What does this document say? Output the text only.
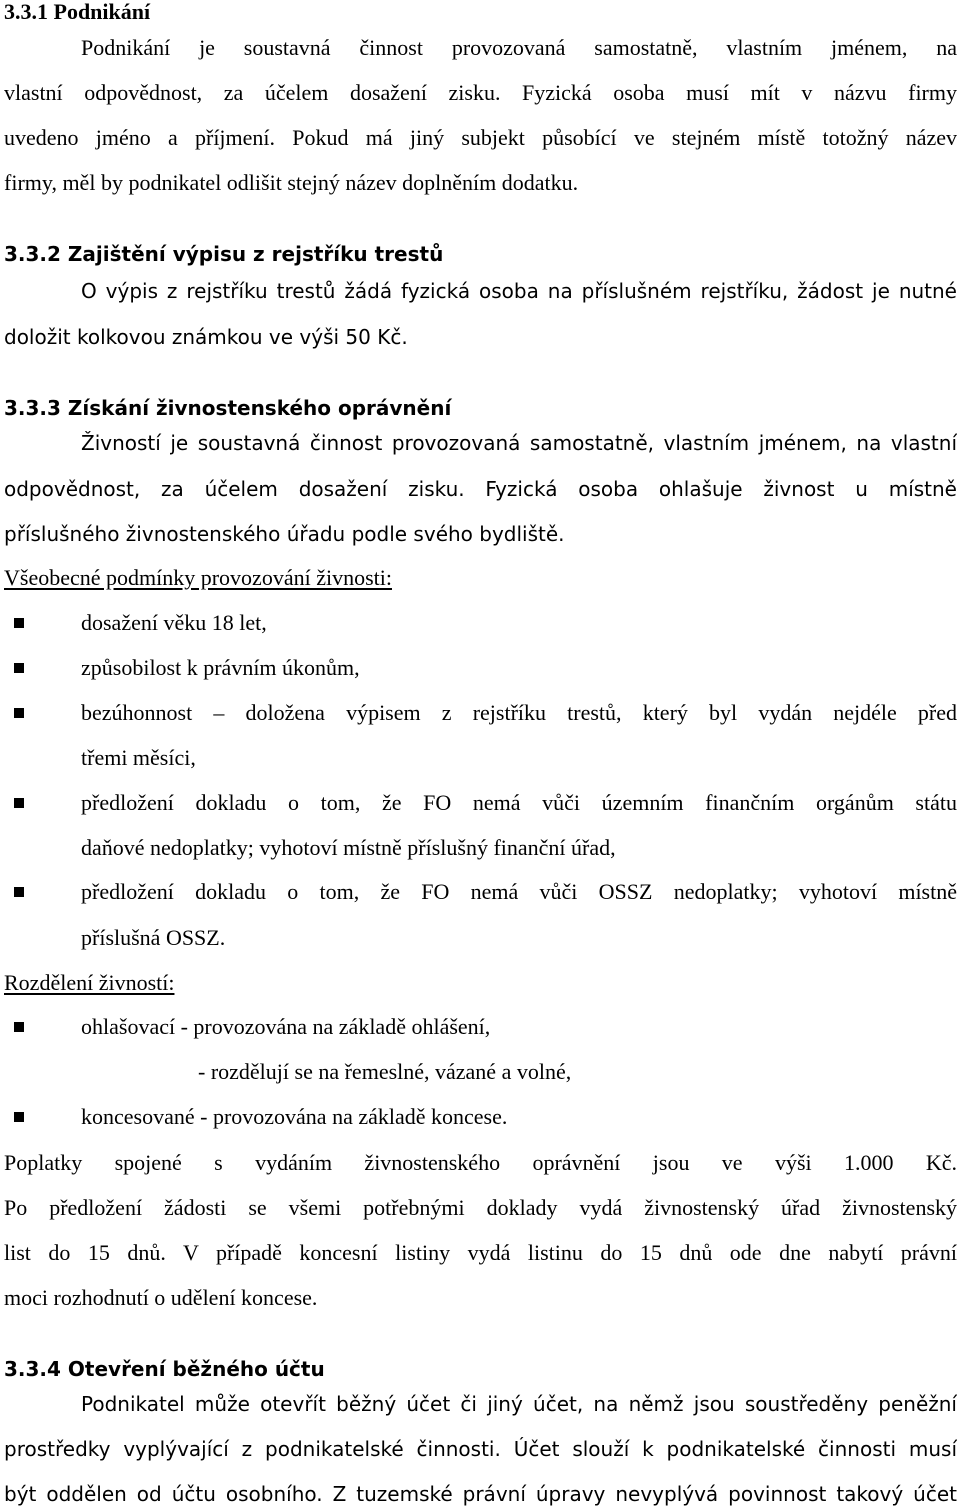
3.3.1 Podnikání
Podnikání je soustavná činnost provozovaná samostatně, vlastním jménem, na
vlastní odpovědnost, za účelem dosažení zisku. Fyzická osoba musí mít v názvu firmy
uvedeno jméno a příjmení. Pokud má jiný subjekt působící ve stejném místě totožný název
firmy, měl by podnikatel odlišit stejný název doplněním dodatku.
3.3.2 Zajištění výpisu z rejstříku trestů
O výpis z rejstříku trestů žádá fyzická osoba na příslušném rejstříku, žádost je nutné
doložit kolkovou známkou ve výši 50 Kč.
3.3.3 Získání živnostenského oprávnění
Živností je soustavná činnost provozovaná samostatně, vlastním jménem, na vlastní
odpovědnost, za účelem dosažení zisku. Fyzická osoba ohlašuje živnost u místně
příslušného živnostenského úřadu podle svého bydliště.
Všeobecné podmínky provozování živnosti:
dosažení věku 18 let,
způsobilost k právním úkonům,
bezúhonnost – doložena výpisem z rejstříku trestů, který byl vydán nejdéle před
třemi měsíci,
předložení dokladu o tom, že FO nemá vůči územním finančním orgánům státu
daňové nedoplatky; vyhotoví místně příslušný finanční úřad,
předložení dokladu o tom, že FO nemá vůči OSSZ nedoplatky; vyhotoví místně
příslušná OSSZ.
Rozdělení živností:
ohlašovací - provozována na základě ohlášení,
- rozdělují se na řemeslné, vázané a volné,
koncesované - provozována na základě koncese.
Poplatky spojené s vydáním živnostenského oprávnění jsou ve výši 1.000 Kč.
Po předložení žádosti se všemi potřebnými doklady vydá živnostenský úřad živnostenský
list do 15 dnů. V případě koncesní listiny vydá listinu do 15 dnů ode dne nabytí právní
moci rozhodnutí o udělení koncese.
3.3.4 Otevření běžného účtu
Podnikatel může otevřít běžný účet či jiný účet, na němž jsou soustředěny peněžní
prostředky vyplývající z podnikatelské činnosti. Účet slouží k podnikatelské činnosti musí
být oddělen od účtu osobního. Z tuzemské právní úpravy nevyplývá povinnost takový účet
